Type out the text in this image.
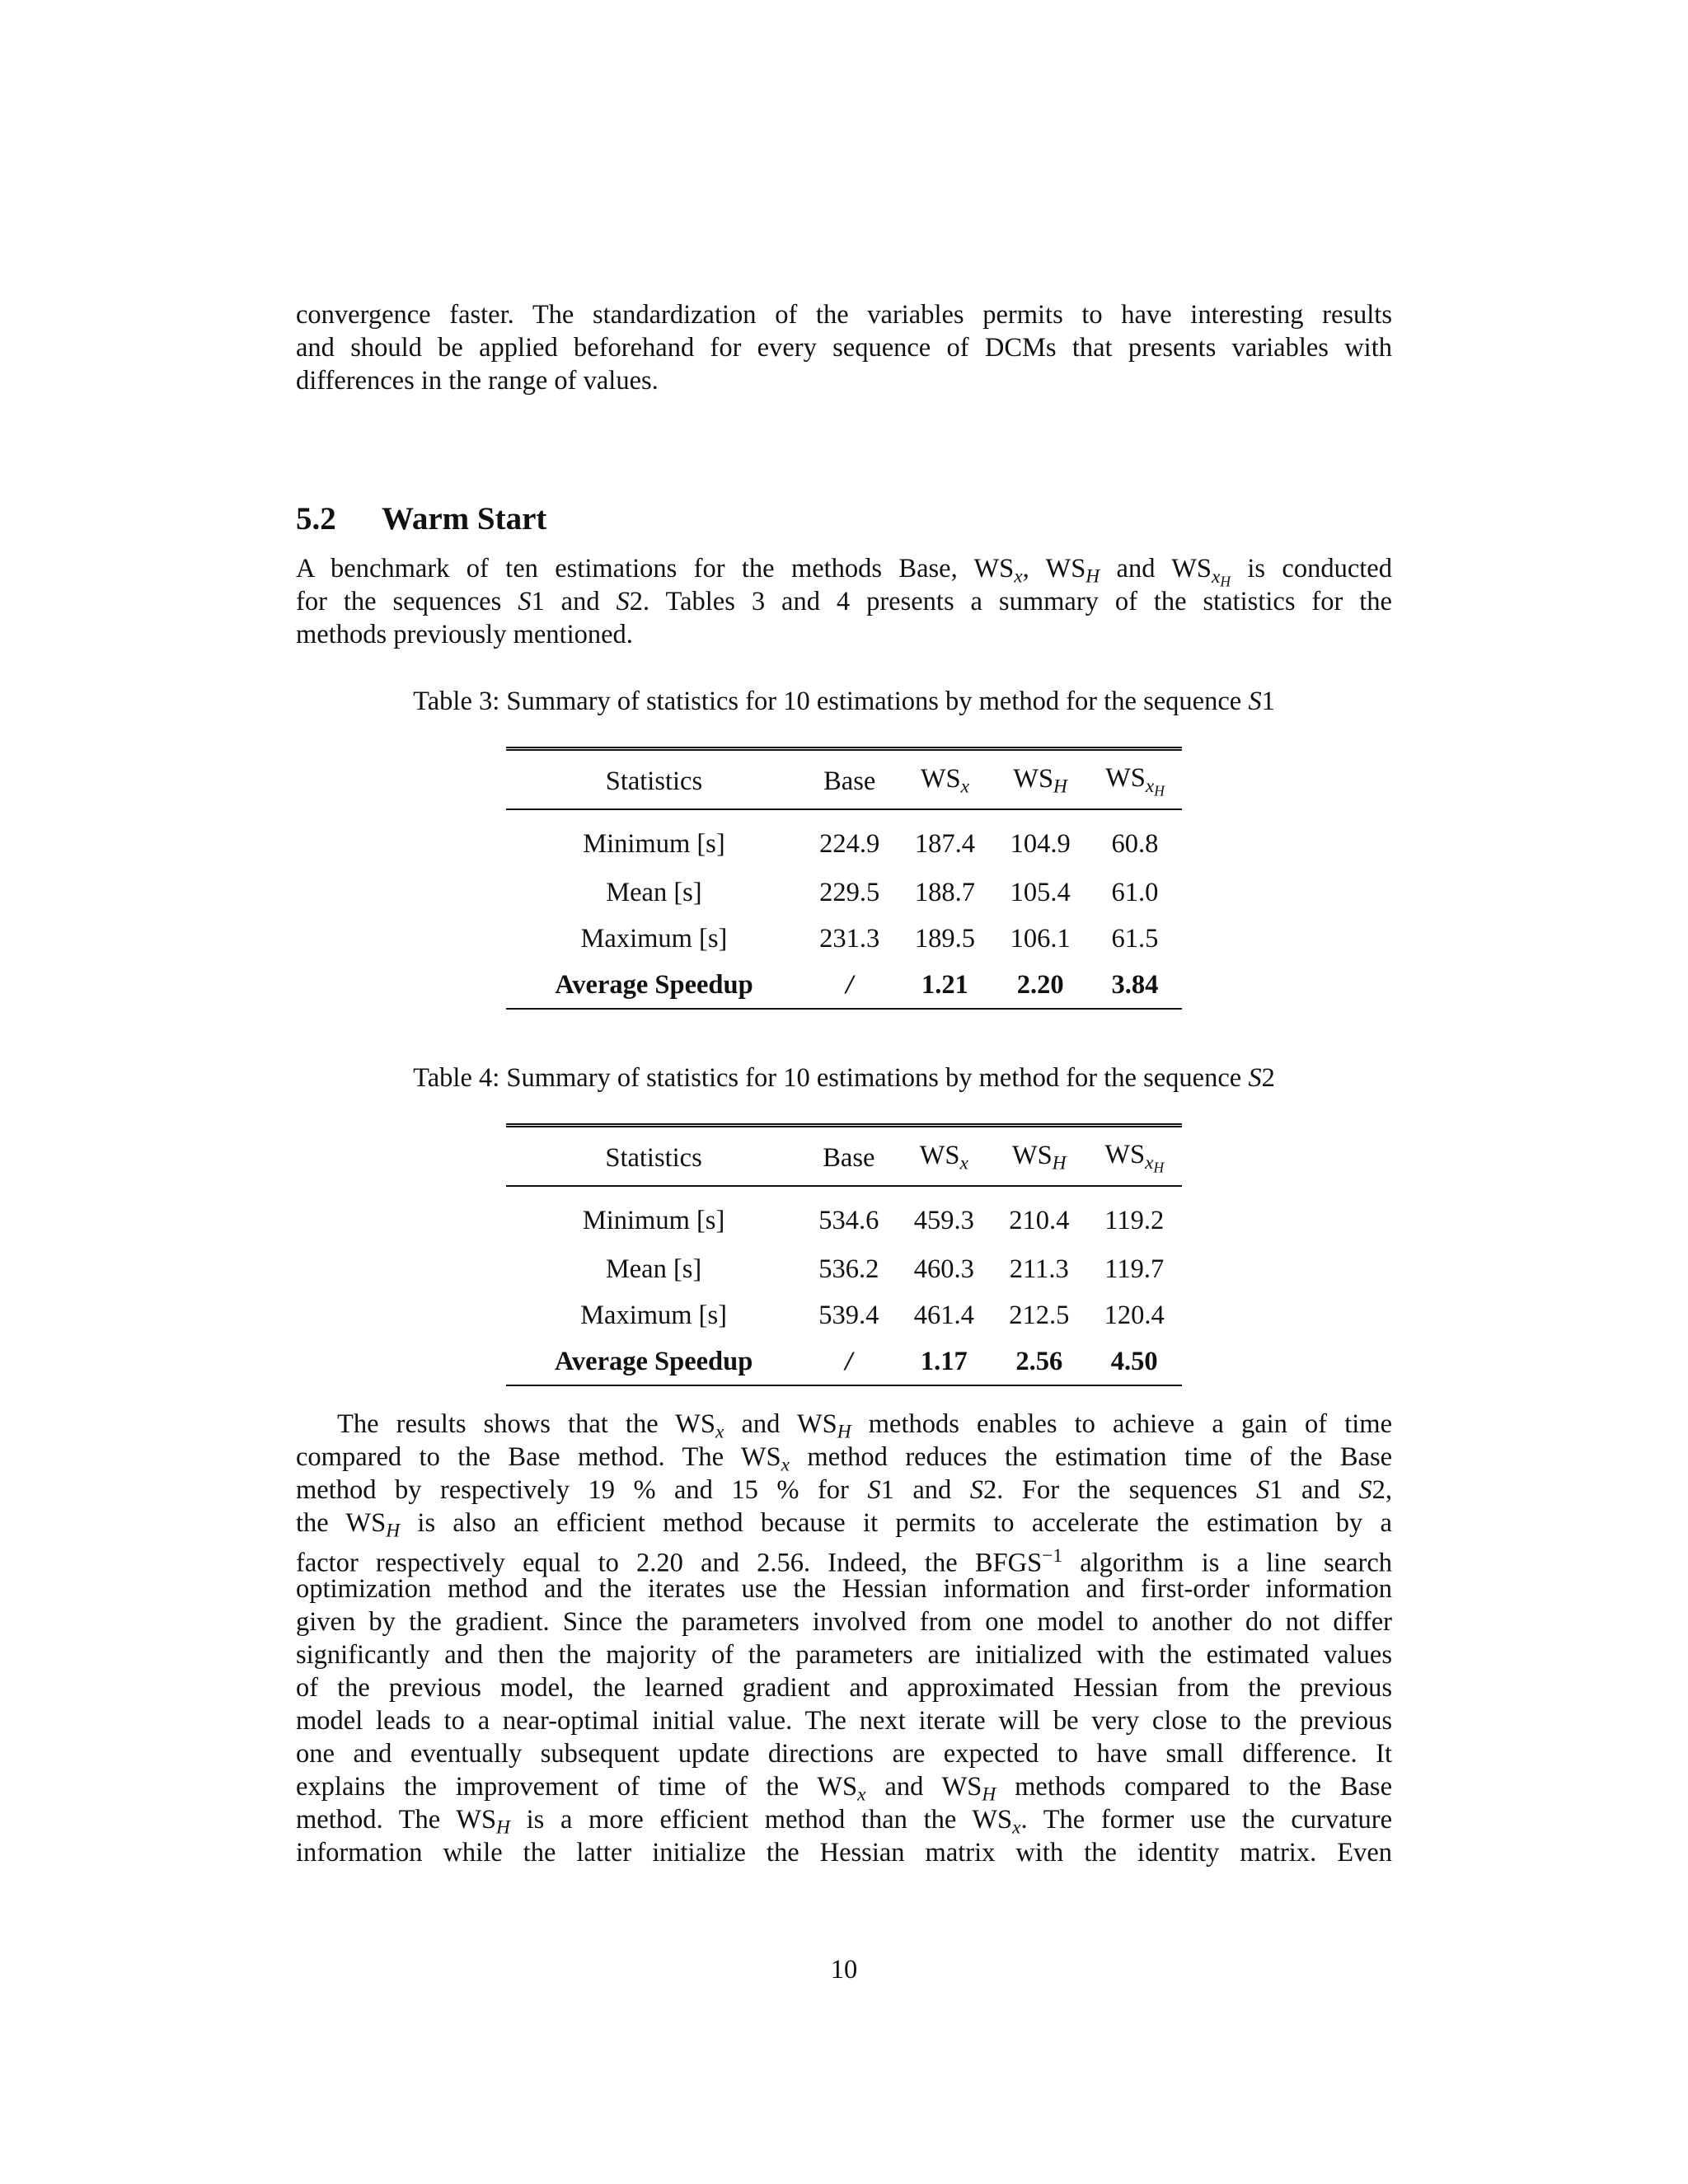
convergence faster. The standardization of the variables permits to have interesting results
and should be applied beforehand for every sequence of DCMs that presents variables with
differences in the range of values.
5.2 Warm Start
A benchmark of ten estimations for the methods Base, $WS_x$, $WS_H$ and $WS_{xH}$ is conducted
for the sequences S1 and S2. Tables 3 and 4 presents a summary of the statistics for the
methods previously mentioned.
Table 3: Summary of statistics for 10 estimations by method for the sequence S1
Statistics	Base	$WS_x$	$WS_H$	$WS_{xH}$
Minimum [s]	224.9	187.4	104.9	60.8
Mean [s]	229.5	188.7	105.4	61.0
Maximum [s]	231.3	189.5	106.1	61.5
Average Speedup	/	1.21	2.20	3.84
Table 4: Summary of statistics for 10 estimations by method for the sequence S2
Statistics	Base	$WS_x$	$WS_H$	$WS_{xH}$
Minimum [s]	534.6	459.3	210.4	119.2
Mean [s]	536.2	460.3	211.3	119.7
Maximum [s]	539.4	461.4	212.5	120.4
Average Speedup	/	1.17	2.56	4.50
The results shows that the $WS_x$ and $WS_H$ methods enables to achieve a gain of time
compared to the Base method. The $WS_x$ method reduces the estimation time of the Base
method by respectively 19 % and 15 % for S1 and S2. For the sequences S1 and S2,
the $WS_H$ is also an efficient method because it permits to accelerate the estimation by a
factor respectively equal to 2.20 and 2.56. Indeed, the $BFGS^{-1}$ algorithm is a line search
optimization method and the iterates use the Hessian information and first-order information
given by the gradient. Since the parameters involved from one model to another do not differ
significantly and then the majority of the parameters are initialized with the estimated values
of the previous model, the learned gradient and approximated Hessian from the previous
model leads to a near-optimal initial value. The next iterate will be very close to the previous
one and eventually subsequent update directions are expected to have small difference. It
explains the improvement of time of the $WS_x$ and $WS_H$ methods compared to the Base
method. The $WS_H$ is a more efficient method than the $WS_x$. The former use the curvature
information while the latter initialize the Hessian matrix with the identity matrix. Even
10
